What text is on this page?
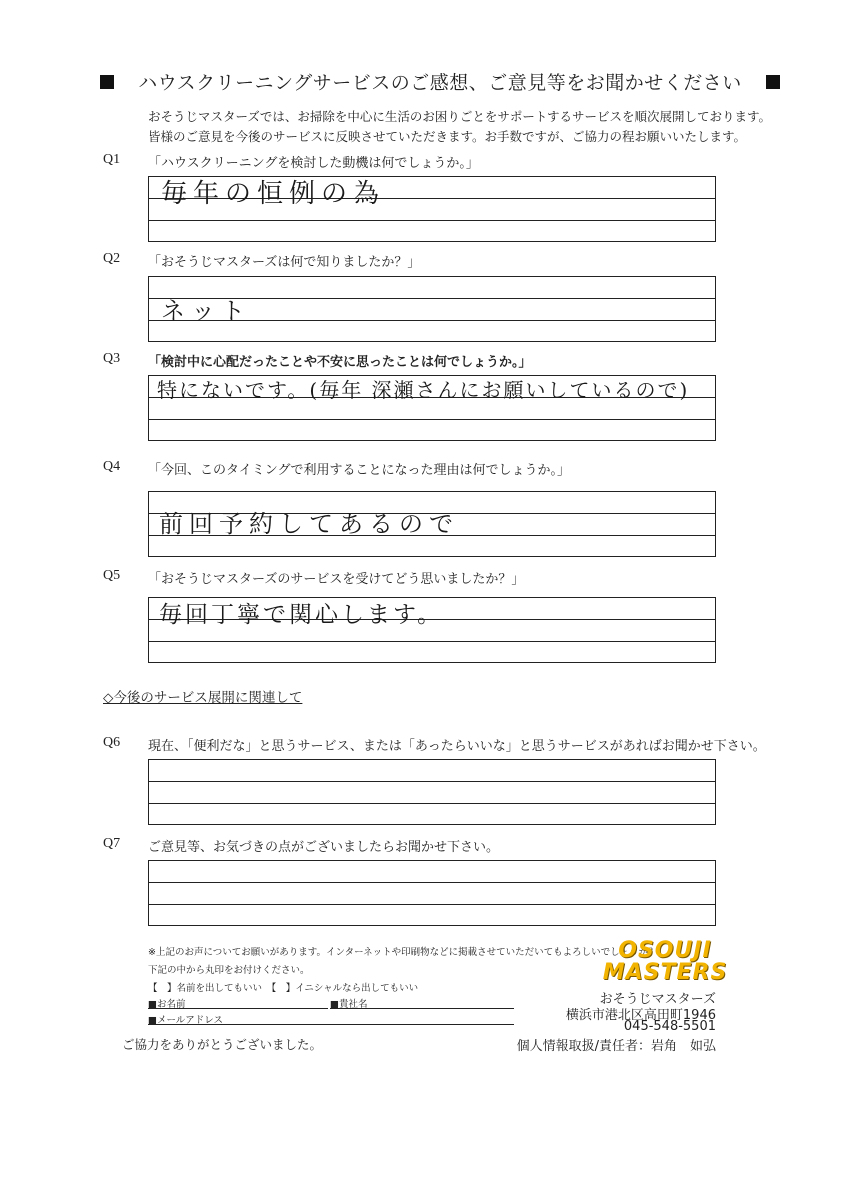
ハウスクリーニングサービスのご感想、ご意見等をお聞かせください
おそうじマスターズでは、お掃除を中心に生活のお困りごとをサポートするサービスを順次展開しております。
皆様のご意見を今後のサービスに反映させていただきます。お手数ですが、ご協力の程お願いいたします。
Q1 「ハウスクリーニングを検討した動機は何でしょうか。」
毎年の恒例の為
Q2 「おそうじマスターズは何で知りましたか？」
ネット
Q3 「検討中に心配だったことや不安に思ったことは何でしょうか。」
特にないです。(毎年 深瀬さんにお願いしているので)
Q4 「今回、このタイミングで利用することになった理由は何でしょうか。」
前回予約してあるので
Q5 「おそうじマスターズのサービスを受けてどう思いましたか？」
毎回丁寧で関心します。
◇今後のサービス展開に関連して
Q6 現在、「便利だな」と思うサービス、または「あったらいいな」と思うサービスがあればお聞かせ下さい。
Q7 ご意見等、お気づきの点がございましたらお聞かせ下さい。
※上記のお声についてお願いがあります。インターネットや印刷物などに掲載させていただいてもよろしいでしょうか？
下記の中から丸印をお付けください。
【　】名前を出してもいい　【　】イニシャルなら出してもいい
■お名前	■貴社名
■メールアドレス
ご協力をありがとうございました。
OSOUJI
MASTERS
おそうじマスターズ
横浜市港北区高田町1946
045-548-5501
個人情報取扱/責任者：岩角　如弘
